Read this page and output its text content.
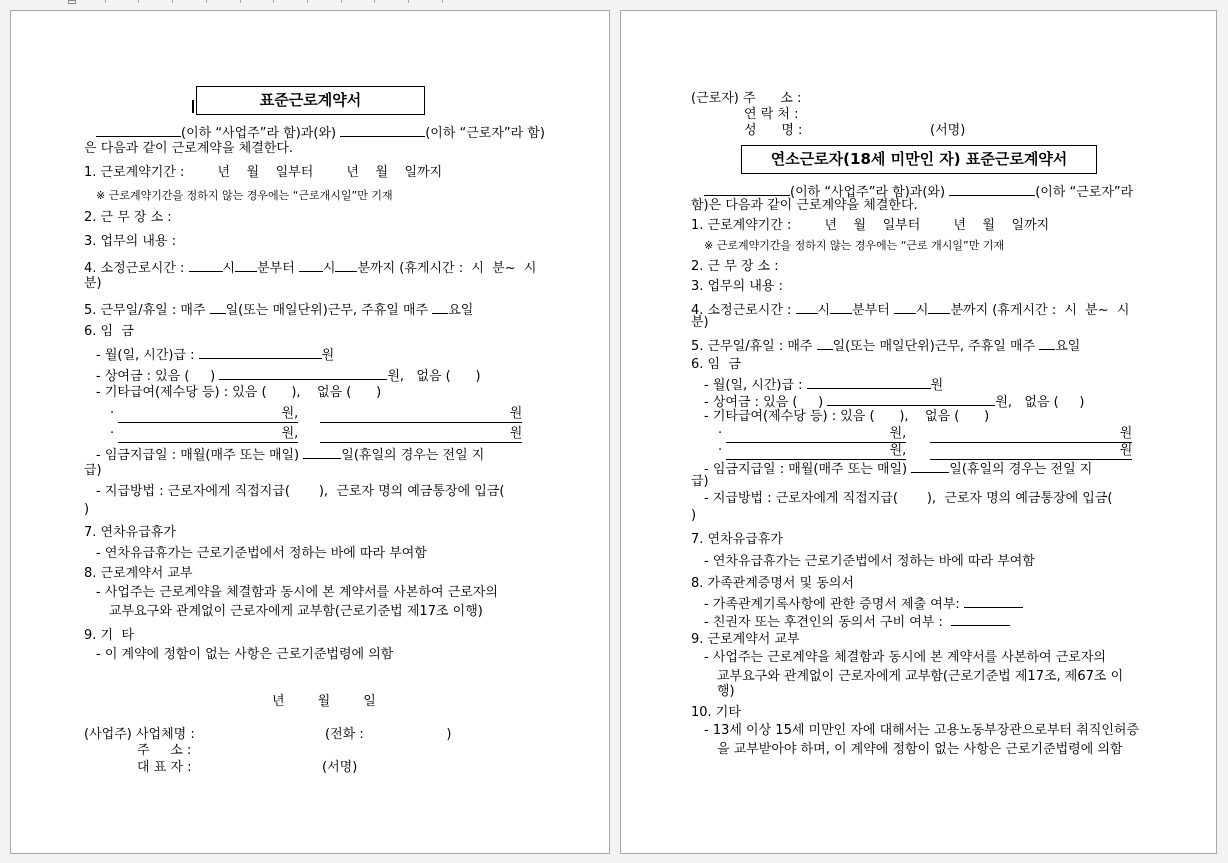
표준근로계약서
(이하 “사업주”라 함)과(와)	(이하 “근로자”라 함)
은 다음과 같이 근로계약을 체결한다.
1. 근로계약기간 :        년    월    일부터        년    월    일까지
※ 근로계약기간을 정하지 않는 경우에는 “근로개시일”만 기재
2. 근 무 장 소 :
3. 업무의 내용 :
4. 소정근로시간 :	시 분부터 시 분까지 (휴게시간 :  시  분~  시
분)
5. 근무일/휴일 : 매주 일(또는 매일단위)근무, 주휴일 매주 요일
6. 임  금
- 월(일, 시간)급 :	원
- 상여금 : 있음 (     )	원,   없음 (      )
- 기타급여(제수당 등) : 있음 (      ),    없음 (      )
·	원,	원
·	원,	원
- 임금지급일 : 매월(매주 또는 매일)	일(휴일의 경우는 전일 지
급)
- 지급방법 : 근로자에게 직접지급(       ),  근로자 명의 예금통장에 입금(
)
7. 연차유급휴가
- 연차유급휴가는 근로기준법에서 정하는 바에 따라 부여함
8. 근로계약서 교부
- 사업주는 근로계약을 체결함과 동시에 본 계약서를 사본하여 근로자의
교부요구와 관계없이 근로자에게 교부함(근로기준법 제17조 이행)
9. 기  타
- 이 계약에 정함이 없는 사항은 근로기준법령에 의함
년        월        일
(사업주) 사업체명 :	(전화 :                    )
주     소 :
대 표 자 :	(서명)
(근로자) 주      소 :
연 락 처 :
성      명 :	(서명)
연소근로자(18세 미만인 자) 표준근로계약서
(이하 “사업주”라 함)과(와)	(이하 “근로자”라
함)은 다음과 같이 근로계약을 체결한다.
1. 근로계약기간 :        년    월    일부터        년    월    일까지
※ 근로계약기간을 정하지 않는 경우에는 “근로 개시일”만 기재
2. 근 무 장 소 :
3. 업무의 내용 :
4. 소정근로시간 : 시 분부터 시 분까지 (휴게시간 :  시  분~  시
분)
5. 근무일/휴일 : 매주 일(또는 매일단위)근무, 주휴일 매주 요일
6. 임  금
- 월(일, 시간)급 :	원
- 상여금 : 있음 (     )	원,   없음 (     )
- 기타급여(제수당 등) : 있음 (      ),    없음 (      )
·	원,	원
·	원,	원
- 임금지급일 : 매월(매주 또는 매일)	일(휴일의 경우는 전일 지
급)
- 지급방법 : 근로자에게 직접지급(       ),  근로자 명의 예금통장에 입금(
)
7. 연차유급휴가
- 연차유급휴가는 근로기준법에서 정하는 바에 따라 부여함
8. 가족관계증명서 및 동의서
- 가족관계기록사항에 관한 증명서 제출 여부:
- 친권자 또는 후견인의 동의서 구비 여부 :
9. 근로계약서 교부
- 사업주는 근로계약을 체결함과 동시에 본 계약서를 사본하여 근로자의
교부요구와 관계없이 근로자에게 교부함(근로기준법 제17조, 제67조 이
행)
10. 기타
- 13세 이상 15세 미만인 자에 대해서는 고용노동부장관으로부터 취직인허증
을 교부받아야 하며, 이 계약에 정함이 없는 사항은 근로기준법령에 의함
